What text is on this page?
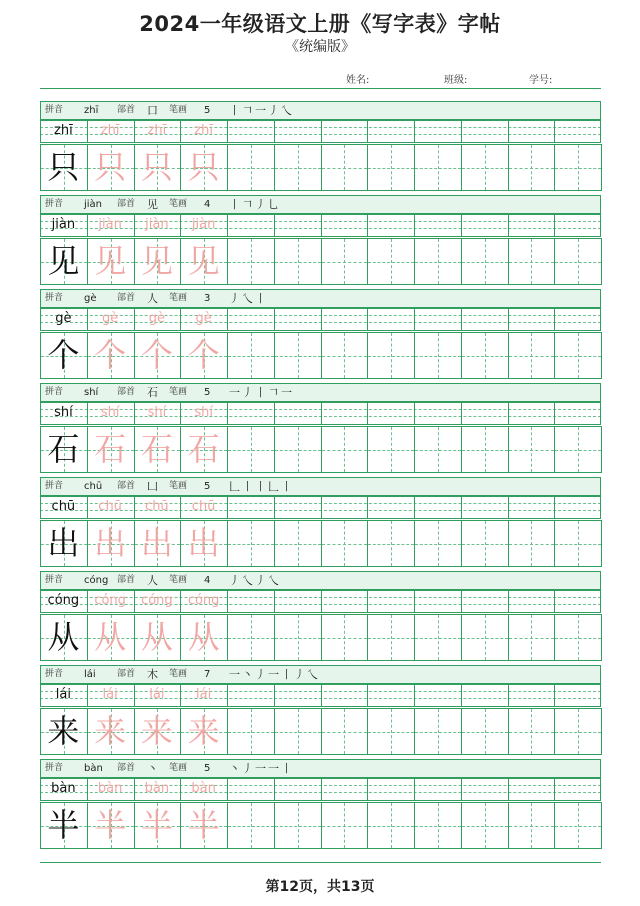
2024一年级语文上册《写字表》字帖
《统编版》
姓名:	班级:	学号:
拼音 zhī 部首 口 笔画 5 丨𠃍一丿乀
zhī	zhī	zhī	zhī
只 只 只 只
拼音 jiàn 部首 见 笔画 4 丨𠃍丿乚
jiàn	jiàn	jiàn	jiàn
见 见 见 见
拼音 gè 部首 人 笔画 3 丿乀丨
gè	gè	gè	gè
个 个 个 个
拼音 shí 部首 石 笔画 5 一丿丨𠃍一
shí	shí	shí	shí
石 石 石 石
拼音 chū 部首 凵 笔画 5 𠃊丨丨𠃊丨
chū	chū	chū	chū
出 出 出 出
拼音 cóng 部首 人 笔画 4 丿乀丿乀
cóng	cóng	cóng	cóng
从 从 从 从
拼音 lái 部首 木 笔画 7 一丶丿一丨丿乀
lái	lái	lái	lái
来 来 来 来
拼音 bàn 部首 丶 笔画 5 丶丿一一丨
bàn	bàn	bàn	bàn
半 半 半 半
第12页，共13页
